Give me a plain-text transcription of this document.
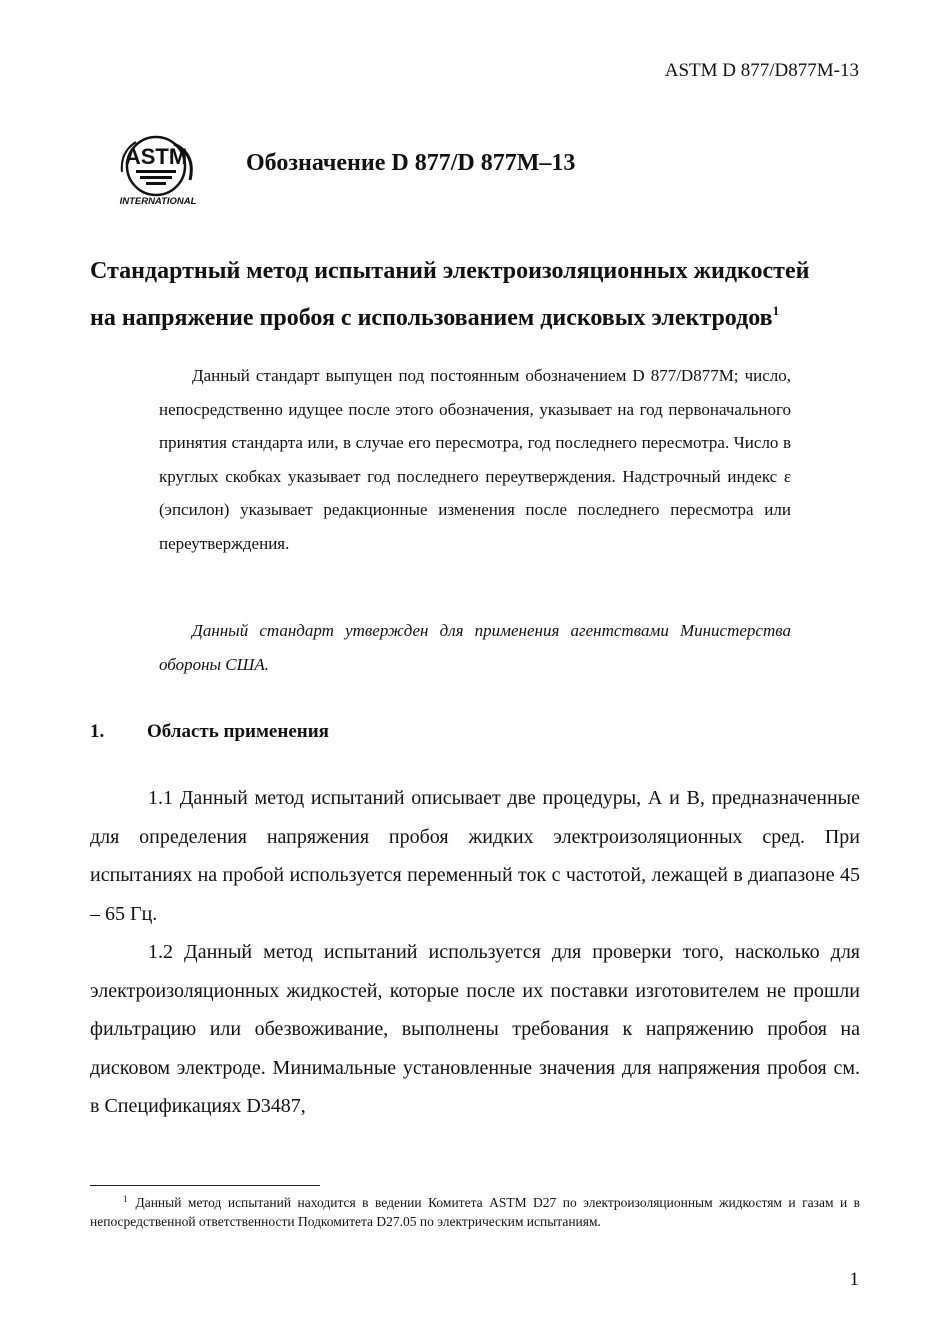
ASTM D 877/D877M-13
ASTM
INTERNATIONAL
Обозначение D 877/D 877M–13
Стандартный метод испытаний электроизоляционных жидкостей
на напряжение пробоя с использованием дисковых электродов$^1$

Данный стандарт выпущен под постоянным обозначением D 877/D877M; число, непосредственно идущее после этого обозначения, указывает на год первоначального принятия стандарта или, в случае его пересмотра, год последнего пересмотра. Число в круглых скобках указывает год последнего переутверждения. Надстрочный индекс ε (эпсилон) указывает редакционные изменения после последнего пересмотра или переутверждения.

Данный стандарт утвержден для применения агентствами Министерства обороны США.

1. Область применения

1.1 Данный метод испытаний описывает две процедуры, А и В, предназначенные для определения напряжения пробоя жидких электроизоляционных сред. При испытаниях на пробой используется переменный ток с частотой, лежащей в диапазоне 45 – 65 Гц.

1.2 Данный метод испытаний используется для проверки того, насколько для электроизоляционных жидкостей, которые после их поставки изготовителем не прошли фильтрацию или обезвоживание, выполнены требования к напряжению пробоя на дисковом электроде. Минимальные установленные значения для напряжения пробоя см. в Спецификациях D3487,

$^1$ Данный метод испытаний находится в ведении Комитета ASTM D27 по электроизоляционным жидкостям и газам и в непосредственной ответственности Подкомитета D27.05 по электрическим испытаниям.

1
